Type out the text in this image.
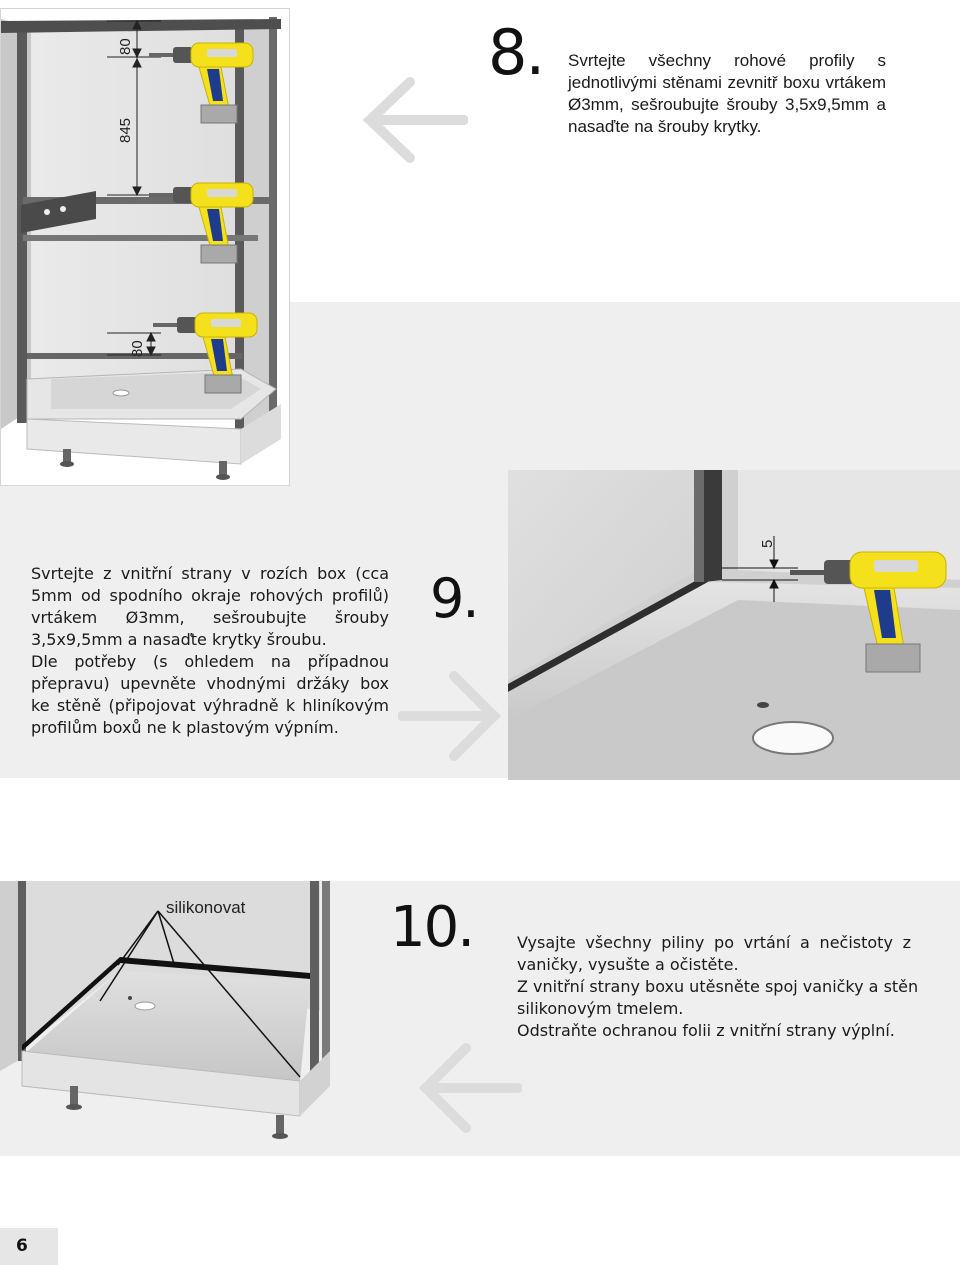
80
845
80
8. Svrtejte všechny rohové profily s jednotlivými stěnami zevnitř boxu vrtákem Ø3mm, sešroubujte šrouby 3,5x9,5mm a nasaďte na šrouby krytky.
Svrtejte z vnitřní strany v rozích box (cca 5mm od spodního okraje rohových profilů) vrtákem Ø3mm, sešroubujte šrouby 3,5x9,5mm a nasaďte krytky šroubu.
Dle potřeby (s ohledem na případnou přepravu) upevněte vhodnými držáky box ke stěně (připojovat výhradně k hliníkovým profilům boxů ne k plastovým výpním.
9.
5
silikonovat	10.	Vysajte všechny piliny po vrtání a nečistoty z vaničky, vysušte a očistěte.
Z vnitřní strany boxu utěsněte spoj vaničky a stěn silikonovým tmelem.
Odstraňte ochranou folii z vnitřní strany výplní.
6
